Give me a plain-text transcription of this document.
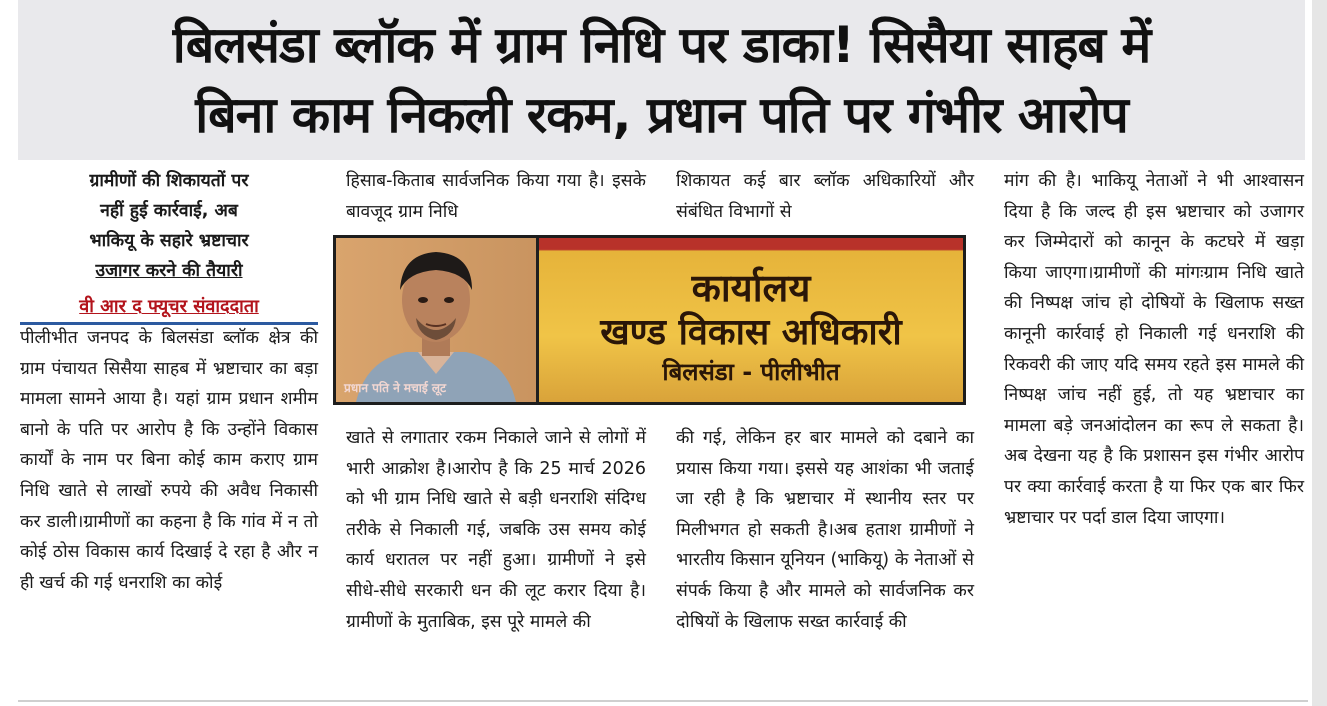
बिलसंडा ब्लॉक में ग्राम निधि पर डाका! सिसैया साहब में
बिना काम निकली रकम, प्रधान पति पर गंभीर आरोप
ग्रामीणों की शिकायतों पर
नहीं हुई कार्रवाई, अब
भाकियू के सहारे भ्रष्टाचार
उजागर करने की तैयारी
वी आर द फ्यूचर संवाददाता

पीलीभीत जनपद के बिलसंडा ब्लॉक क्षेत्र की ग्राम पंचायत सिसैया साहब में भ्रष्टाचार का बड़ा मामला सामने आया है। यहां ग्राम प्रधान शमीम बानो के पति पर आरोप है कि उन्होंने विकास कार्यों के नाम पर बिना कोई काम कराए ग्राम निधि खाते से लाखों रुपये की अवैध निकासी कर डाली।ग्रामीणों का कहना है कि गांव में न तो कोई ठोस विकास कार्य दिखाई दे रहा है और न ही खर्च की गई धनराशि का कोई

हिसाब-किताब सार्वजनिक किया गया है। इसके बावजूद ग्राम निधि

शिकायत कई बार ब्लॉक अधिकारियों और संबंधित विभागों से

प्रधान पति ने मचाई लूट
कार्यालय
खण्ड विकास अधिकारी
बिलसंडा - पीलीभीत

खाते से लगातार रकम निकाले जाने से लोगों में भारी आक्रोश है।आरोप है कि 25 मार्च 2026 को भी ग्राम निधि खाते से बड़ी धनराशि संदिग्ध तरीके से निकाली गई, जबकि उस समय कोई कार्य धरातल पर नहीं हुआ। ग्रामीणों ने इसे सीधे-सीधे सरकारी धन की लूट करार दिया है।ग्रामीणों के मुताबिक, इस पूरे मामले की

की गई, लेकिन हर बार मामले को दबाने का प्रयास किया गया। इससे यह आशंका भी जताई जा रही है कि भ्रष्टाचार में स्थानीय स्तर पर मिलीभगत हो सकती है।अब हताश ग्रामीणों ने भारतीय किसान यूनियन (भाकियू) के नेताओं से संपर्क किया है और मामले को सार्वजनिक कर दोषियों के खिलाफ सख्त कार्रवाई की

मांग की है। भाकियू नेताओं ने भी आश्वासन दिया है कि जल्द ही इस भ्रष्टाचार को उजागर कर जिम्मेदारों को कानून के कटघरे में खड़ा किया जाएगा।ग्रामीणों की मांगःग्राम निधि खाते की निष्पक्ष जांच हो दोषियों के खिलाफ सख्त कानूनी कार्रवाई हो निकाली गई धनराशि की रिकवरी की जाए यदि समय रहते इस मामले की निष्पक्ष जांच नहीं हुई, तो यह भ्रष्टाचार का मामला बड़े जनआंदोलन का रूप ले सकता है। अब देखना यह है कि प्रशासन इस गंभीर आरोप पर क्या कार्रवाई करता है या फिर एक बार फिर भ्रष्टाचार पर पर्दा डाल दिया जाएगा।
